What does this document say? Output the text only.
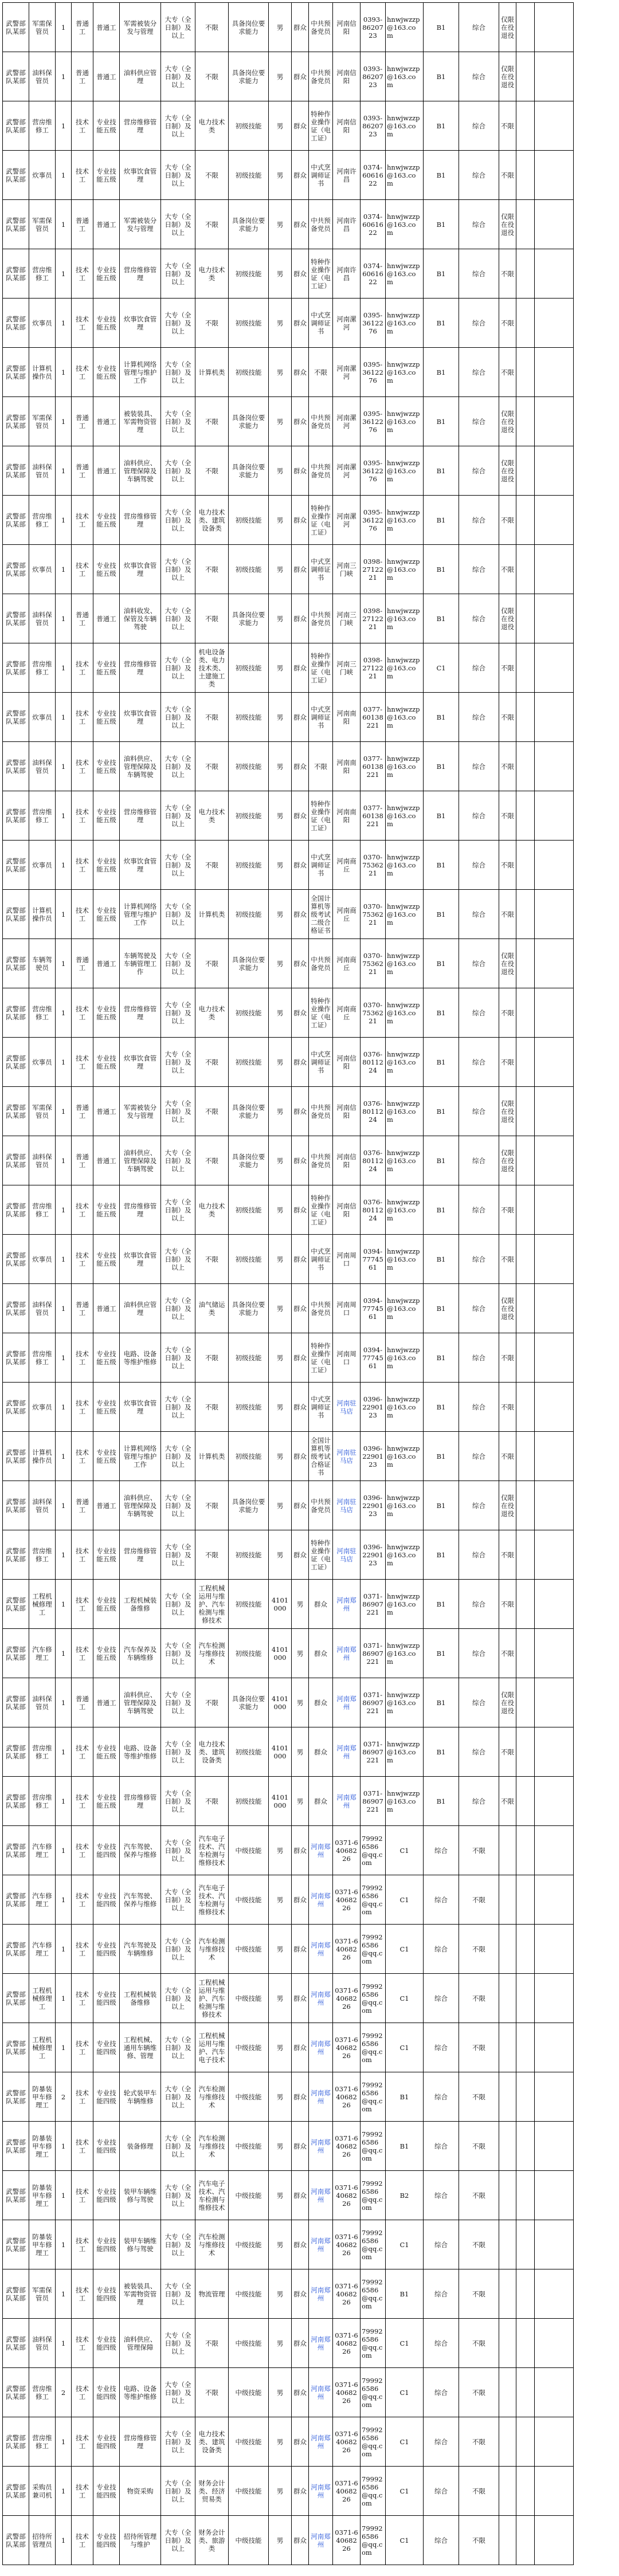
武警部队某部	军需保管员	1	普通工	普通工	军需被装分发与管理	大专（全日制）及以上	不限	具备岗位要求能力	男	群众	中共预备党员	河南信阳	0393-8620723	hnwjwzzp@163.com	B1	综合	仅限在役退役		
武警部队某部	油料保管员	1	普通工	普通工	油料供应管理	大专（全日制）及以上	不限	具备岗位要求能力	男	群众	中共预备党员	河南信阳	0393-8620723	hnwjwzzp@163.com	B1	综合	仅限在役退役		
武警部队某部	营房维修工	1	技术工	专业技能五级	营房维修管理	大专（全日制）及以上	电力技术类	初级技能	男	群众	特种作业操作证（电工证）	河南信阳	0393-8620723	hnwjwzzp@163.com	B1	综合	不限		
武警部队某部	炊事员	1	技术工	专业技能五级	炊事饮食管理	大专（全日制）及以上	不限	初级技能	男	群众	中式烹调师证书	河南许昌	0374-6061622	hnwjwzzp@163.com	B1	综合	不限		
武警部队某部	军需保管员	1	普通工	普通工	军需被装分发与管理	大专（全日制）及以上	不限	具备岗位要求能力	男	群众	中共预备党员	河南许昌	0374-6061622	hnwjwzzp@163.com	B1	综合	仅限在役退役		
武警部队某部	营房维修工	1	技术工	专业技能五级	营房维修管理	大专（全日制）及以上	电力技术类	初级技能	男	群众	特种作业操作证（电工证）	河南许昌	0374-6061622	hnwjwzzp@163.com	B1	综合	不限		
武警部队某部	炊事员	1	技术工	专业技能五级	炊事饮食管理	大专（全日制）及以上	不限	初级技能	男	群众	中式烹调师证书	河南漯河	0395-3612276	hnwjwzzp@163.com	B1	综合	不限		
武警部队某部	计算机操作员	1	技术工	专业技能五级	计算机网络管理与维护工作	大专（全日制）及以上	计算机类	初级技能	男	群众	不限	河南漯河	0395-3612276	hnwjwzzp@163.com	B1	综合	不限		
武警部队某部	军需保管员	1	普通工	普通工	被装装具、军需物资管理	大专（全日制）及以上	不限	具备岗位要求能力	男	群众	中共预备党员	河南漯河	0395-3612276	hnwjwzzp@163.com	B1	综合	仅限在役退役		
武警部队某部	油料保管员	1	普通工	普通工	油料供应、管理保障及车辆驾驶	大专（全日制）及以上	不限	具备岗位要求能力	男	群众	中共预备党员	河南漯河	0395-3612276	hnwjwzzp@163.com	B1	综合	仅限在役退役		
武警部队某部	营房维修工	1	技术工	专业技能五级	营房维修管理	大专（全日制）及以上	电力技术类、建筑设备类	初级技能	男	群众	特种作业操作证（电工证）	河南漯河	0395-3612276	hnwjwzzp@163.com	B1	综合	不限		
武警部队某部	炊事员	1	技术工	专业技能五级	炊事饮食管理	大专（全日制）及以上	不限	初级技能	男	群众	中式烹调师证书	河南三门峡	0398-2712221	hnwjwzzp@163.com	B1	综合	不限		
武警部队某部	油料保管员	1	普通工	普通工	油料收发、保管及车辆驾驶	大专（全日制）及以上	不限	具备岗位要求能力	男	群众	中共预备党员	河南三门峡	0398-2712221	hnwjwzzp@163.com	B1	综合	仅限在役退役		
武警部队某部	营房维修工	1	技术工	专业技能五级	营房维修管理	大专（全日制）及以上	机电设备类、电力技术类、土建施工类	初级技能	男	群众	特种作业操作证（电工证）	河南三门峡	0398-2712221	hnwjwzzp@163.com	C1	综合	不限		
武警部队某部	炊事员	1	技术工	专业技能五级	炊事饮食管理	大专（全日制）及以上	不限	初级技能	男	群众	中式烹调师证书	河南南阳	0377-60138221	hnwjwzzp@163.com	B1	综合	不限		
武警部队某部	油料保管员	1	技术工	专业技能五级	油料供应、管理保障及车辆驾驶	大专（全日制）及以上	不限	初级技能	男	群众	不限	河南南阳	0377-60138221	hnwjwzzp@163.com	B1	综合	不限		
武警部队某部	营房维修工	1	技术工	专业技能五级	营房维修管理	大专（全日制）及以上	电力技术类	初级技能	男	群众	特种作业操作证（电工证）	河南南阳	0377-60138221	hnwjwzzp@163.com	B1	综合	不限		
武警部队某部	炊事员	1	技术工	专业技能五级	炊事饮食管理	大专（全日制）及以上	不限	初级技能	男	群众	中式烹调师证书	河南商丘	0370-7536221	hnwjwzzp@163.com	B1	综合	不限		
武警部队某部	计算机操作员	1	技术工	专业技能五级	计算机网络管理与维护工作	大专（全日制）及以上	计算机类	初级技能	男	群众	全国计算机等级考试二级合格证书	河南商丘	0370-7536221	hnwjwzzp@163.com	B1	综合	不限		
武警部队某部	车辆驾驶员	1	普通工	普通工	车辆驾驶及车辆管理工作	大专（全日制）及以上	不限	具备岗位要求能力	男	群众	中共预备党员	河南商丘	0370-7536221	hnwjwzzp@163.com	B1	综合	仅限在役退役		
武警部队某部	营房维修工	1	技术工	专业技能五级	营房维修管理	大专（全日制）及以上	电力技术类	初级技能	男	群众	特种作业操作证（电工证）	河南商丘	0370-7536221	hnwjwzzp@163.com	B1	综合	不限		
武警部队某部	炊事员	1	技术工	专业技能五级	炊事饮食管理	大专（全日制）及以上	不限	初级技能	男	群众	中式烹调师证书	河南信阳	0376-8011224	hnwjwzzp@163.com	B1	综合	不限		
武警部队某部	军需保管员	1	普通工	普通工	军需被装分发与管理	大专（全日制）及以上	不限	具备岗位要求能力	男	群众	中共预备党员	河南信阳	0376-8011224	hnwjwzzp@163.com	B1	综合	仅限在役退役		
武警部队某部	油料保管员	1	普通工	普通工	油料供应、管理保障及车辆驾驶	大专（全日制）及以上	不限	具备岗位要求能力	男	群众	中共预备党员	河南信阳	0376-8011224	hnwjwzzp@163.com	B1	综合	仅限在役退役		
武警部队某部	营房维修工	1	技术工	专业技能五级	营房维修管理	大专（全日制）及以上	电力技术类	初级技能	男	群众	特种作业操作证（电工证）	河南信阳	0376-8011224	hnwjwzzp@163.com	B1	综合	不限		
武警部队某部	炊事员	1	技术工	专业技能五级	炊事饮食管理	大专（全日制）及以上	不限	初级技能	男	群众	中式烹调师证书	河南周口	0394-7774561	hnwjwzzp@163.com	B1	综合	不限		
武警部队某部	油料保管员	1	普通工	普通工	油料供应管理	大专（全日制）及以上	油气储运类	具备岗位要求能力	男	群众	中共预备党员	河南周口	0394-7774561	hnwjwzzp@163.com	B1	综合	仅限在役退役		
武警部队某部	营房维修工	1	技术工	专业技能五级	电路、设备等维护维修	大专（全日制）及以上	不限	初级技能	男	群众	特种作业操作证（电工证）	河南周口	0394-7774561	hnwjwzzp@163.com	B1	综合	不限		
武警部队某部	炊事员	1	技术工	专业技能五级	炊事饮食管理	大专（全日制）及以上	不限	初级技能	男	群众	中式烹调师证书	河南驻马店	0396-2290123	hnwjwzzp@163.com	B1	综合	不限		
武警部队某部	计算机操作员	1	技术工	专业技能五级	计算机网络管理与维护工作	大专（全日制）及以上	计算机类	初级技能	男	群众	全国计算机等级考试合格证书	河南驻马店	0396-2290123	hnwjwzzp@163.com	B1	综合	不限		
武警部队某部	油料保管员	1	普通工	普通工	油料供应、管理保障及车辆驾驶	大专（全日制）及以上	不限	具备岗位要求能力	男	群众	中共预备党员	河南驻马店	0396-2290123	hnwjwzzp@163.com	B1	综合	仅限在役退役		
武警部队某部	营房维修工	1	技术工	专业技能五级	营房维修管理	大专（全日制）及以上	不限	初级技能	男	群众	特种作业操作证（电工证）	河南驻马店	0396-2290123	hnwjwzzp@163.com	B1	综合	不限		
武警部队某部	工程机械修理工	1	技术工	专业技能五级	工程机械装备维修	大专（全日制）及以上	工程机械运用与维护、汽车检测与维修技术	初级技能	4101000	男	群众	河南郑州	0371-86907221	hnwjwzzp@163.com	B1	综合	不限		
武警部队某部	汽车修理工	1	技术工	专业技能五级	汽车保养及车辆维修	大专（全日制）及以上	汽车检测与维修技术	初级技能	4101000	男	群众	河南郑州	0371-86907221	hnwjwzzp@163.com	B1	综合	不限		
武警部队某部	油料保管员	1	普通工	普通工	油料供应、管理保障及车辆驾驶	大专（全日制）及以上	不限	具备岗位要求能力	4101000	男	群众	河南郑州	0371-86907221	hnwjwzzp@163.com	B1	综合	仅限在役退役		
武警部队某部	营房维修工	1	技术工	专业技能五级	电路、设备等维护维修	大专（全日制）及以上	电力技术类、建筑设备类	初级技能	4101000	男	群众	河南郑州	0371-86907221	hnwjwzzp@163.com	B1	综合	不限		
武警部队某部	营房维修工	1	技术工	专业技能五级	营房维修管理	大专（全日制）及以上	不限	初级技能	4101000	男	群众	河南郑州	0371-86907221	hnwjwzzp@163.com	B1	综合	不限		
武警部队某部	汽车修理工	1	技术工	专业技能四级	汽车驾驶、保养与维修	大专（全日制）及以上	汽车电子技术、汽车检测与维修技术	中级技能	男	群众	河南郑州	0371-64068226	799926586@qq.com	C1	综合	不限			
武警部队某部	汽车修理工	1	技术工	专业技能四级	汽车驾驶、保养与维修	大专（全日制）及以上	汽车电子技术、汽车检测与维修技术	中级技能	男	群众	河南郑州	0371-64068226	799926586@qq.com	C1	综合	不限			
武警部队某部	汽车修理工	1	技术工	专业技能四级	汽车驾驶及车辆维修	大专（全日制）及以上	汽车检测与维修技术	中级技能	男	群众	河南郑州	0371-64068226	799926586@qq.com	C1	综合	不限			
武警部队某部	工程机械修理工	1	技术工	专业技能四级	工程机械装备维修	大专（全日制）及以上	工程机械运用与维护、汽车检测与维修技术	中级技能	男	群众	河南郑州	0371-64068226	799926586@qq.com	C1	综合	不限			
武警部队某部	工程机械修理工	1	技术工	专业技能四级	工程机械、通用车辆维修、管理	大专（全日制）及以上	工程机械运用与维护、汽车电子技术	中级技能	男	群众	河南郑州	0371-64068226	799926586@qq.com	C1	综合	不限			
武警部队某部	防暴装甲车修理工	2	技术工	专业技能四级	轮式装甲车车辆维修	大专（全日制）及以上	汽车检测与维修技术	中级技能	男	群众	河南郑州	0371-64068226	799926586@qq.com	B1	综合	不限			
武警部队某部	防暴装甲车修理工	1	技术工	专业技能四级	装备修理	大专（全日制）及以上	汽车检测与维修技术	中级技能	男	群众	河南郑州	0371-64068226	799926586@qq.com	B1	综合	不限			
武警部队某部	防暴装甲车修理工	1	技术工	专业技能四级	装甲车辆维修与驾驶	大专（全日制）及以上	汽车电子技术、汽车检测与维修技术	中级技能	男	群众	河南郑州	0371-64068226	799926586@qq.com	B2	综合	不限			
武警部队某部	防暴装甲车修理工	1	技术工	专业技能四级	装甲车辆维修与驾驶	大专（全日制）及以上	汽车检测与维修技术	中级技能	男	群众	河南郑州	0371-64068226	799926586@qq.com	C1	综合	不限			
武警部队某部	军需保管员	1	技术工	专业技能四级	被装装具、军需物资管理	大专（全日制）及以上	物流管理	中级技能	男	群众	河南郑州	0371-64068226	799926586@qq.com	B1	综合	不限			
武警部队某部	油料保管员	1	技术工	专业技能四级	油料供应、管理保障	大专（全日制）及以上	不限	中级技能	男	群众	河南郑州	0371-64068226	799926586@qq.com	C1	综合	不限			
武警部队某部	营房维修工	2	技术工	专业技能四级	电路、设备等维护维修	大专（全日制）及以上	不限	中级技能	男	群众	河南郑州	0371-64068226	799926586@qq.com	C1	综合	不限			
武警部队某部	营房维修工	1	技术工	专业技能四级	营房维修管理	大专（全日制）及以上	电力技术类、建筑设备类	中级技能	男	群众	河南郑州	0371-64068226	799926586@qq.com	C1	综合	不限			
武警部队某部	采购员兼司机	1	技术工	专业技能四级	物资采购	大专（全日制）及以上	财务会计类、经济贸易类	中级技能	男	群众	河南郑州	0371-64068226	799926586@qq.com	C1	综合	不限			
武警部队某部	招待所管理员	1	技术工	专业技能四级	招待所管理与维护	大专（全日制）及以上	财务会计类、旅游类	中级技能	男	群众	河南郑州	0371-64068226	799926586@qq.com	C1	综合	不限			
